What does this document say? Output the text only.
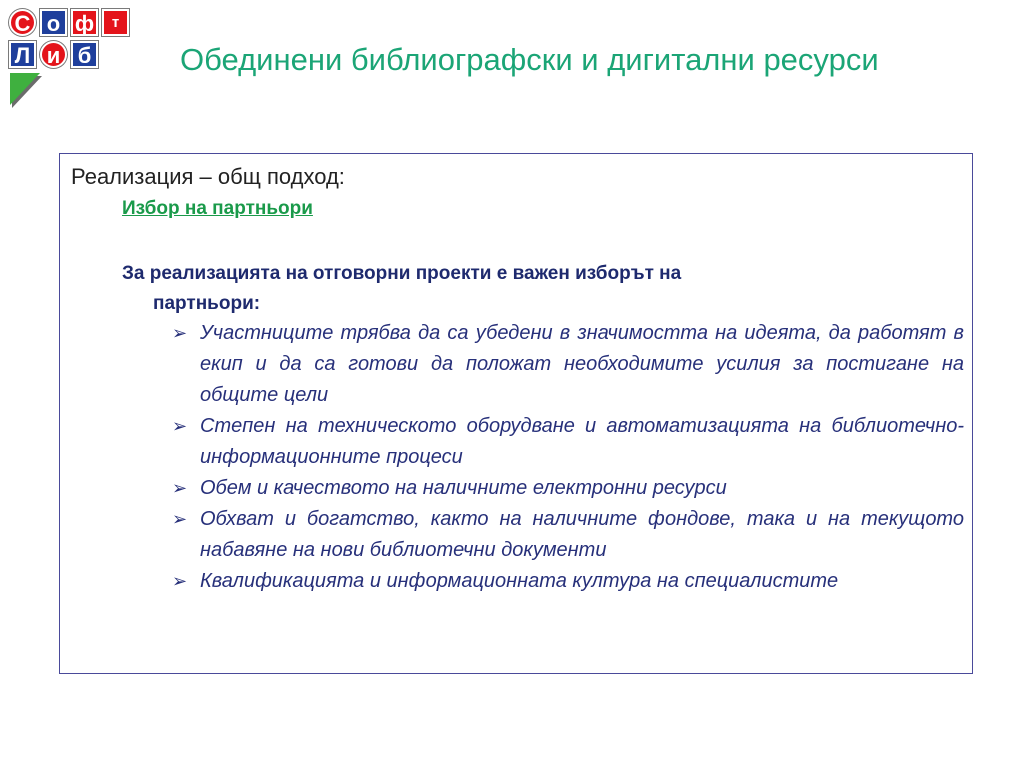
С о ф	т
Л и б	Обединени библиографски и дигитални ресурси
Реализация – общ подход:
Избор на партньори
За реализацията на отговорни проекти е важен изборът на
партньори:
➢ Участниците трябва да са убедени в значимостта на идеята, да работят в екип и да са готови да положат необходимите усилия за постигане на общите цели
➢ Степен на техническото оборудване и автоматизацията на библиотечно-информационните процеси
➢ Обем и качеството на наличните електронни ресурси
➢ Обхват и богатство, както на наличните фондове, така и на текущото набавяне на нови библиотечни документи
➢ Квалификацията и информационната култура на специалистите
